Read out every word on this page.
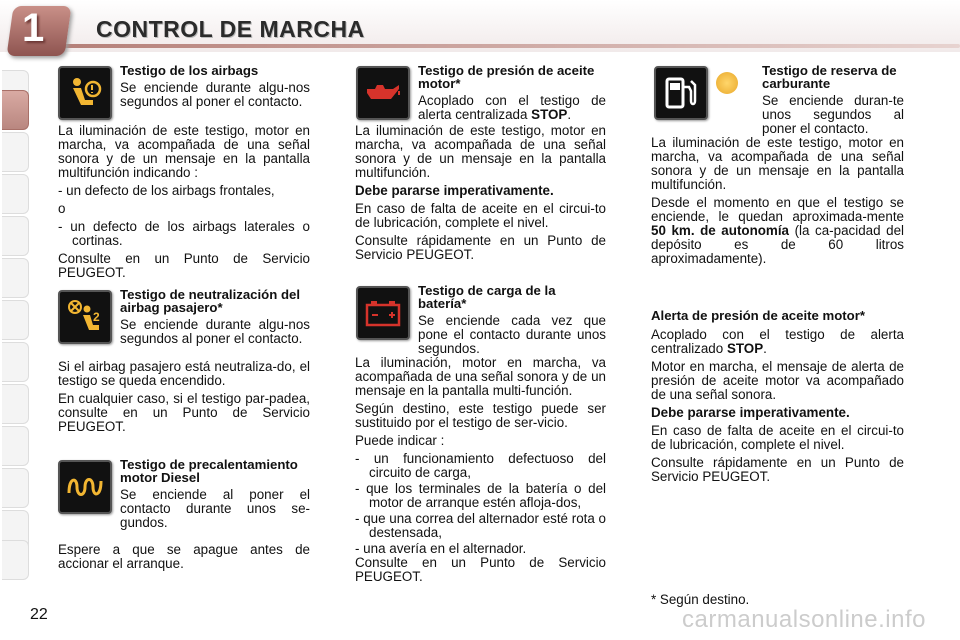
1 CONTROL DE MARCHA

Testigo de los airbags

Se enciende durante algu-nos segundos al poner el contacto.

La iluminación de este testigo, motor en marcha, va acompañada de una señal sonora y de un mensaje en la pantalla multifunción indicando :

- un defecto de los airbags frontales,

o

- un defecto de los airbags laterales o cortinas.

Consulte en un Punto de Servicio PEUGEOT.

2

Testigo de neutralización del airbag pasajero*

Se enciende durante algu-nos segundos al poner el contacto.

Si el airbag pasajero está neutraliza-do, el testigo se queda encendido.

En cualquier caso, si el testigo par-padea, consulte en un Punto de Servicio PEUGEOT.

Testigo de precalentamiento motor Diesel

Se enciende al poner el contacto durante unos se-gundos.

Espere a que se apague antes de accionar el arranque.

Testigo de presión de aceite motor*

Acoplado con el testigo de alerta centralizada STOP.

La iluminación de este testigo, motor en marcha, va acompañada de una señal sonora y de un mensaje en la pantalla multifunción.

Debe pararse imperativamente.

En caso de falta de aceite en el circui-to de lubricación, complete el nivel.

Consulte rápidamente en un Punto de Servicio PEUGEOT.

Testigo de carga de la batería*

Se enciende cada vez que pone el contacto durante unos segundos.

La iluminación, motor en marcha, va acompañada de una señal sonora y de un mensaje en la pantalla multi-función.

Según destino, este testigo puede ser sustituido por el testigo de ser-vicio.

Puede indicar :

- un funcionamiento defectuoso del circuito de carga,

- que los terminales de la batería o del motor de arranque estén afloja-dos,

- que una correa del alternador esté rota o destensada,

- una avería en el alternador.

Consulte en un Punto de Servicio PEUGEOT.

Testigo de reserva de carburante

Se enciende duran-te unos segundos al poner el contacto.

La iluminación de este testigo, motor en marcha, va acompañada de una señal sonora y de un mensaje en la pantalla multifunción.

Desde el momento en que el testigo se enciende, le quedan aproximada-mente 50 km. de autonomía (la ca-pacidad del depósito es de 60 litros aproximadamente).

Alerta de presión de aceite motor*

Acoplado con el testigo de alerta centralizado STOP.

Motor en marcha, el mensaje de alerta de presión de aceite motor va acompañado de una señal sonora.

Debe pararse imperativamente.

En caso de falta de aceite en el circui-to de lubricación, complete el nivel.

Consulte rápidamente en un Punto de Servicio PEUGEOT.

* Según destino.
22	carmanualsonline.info
